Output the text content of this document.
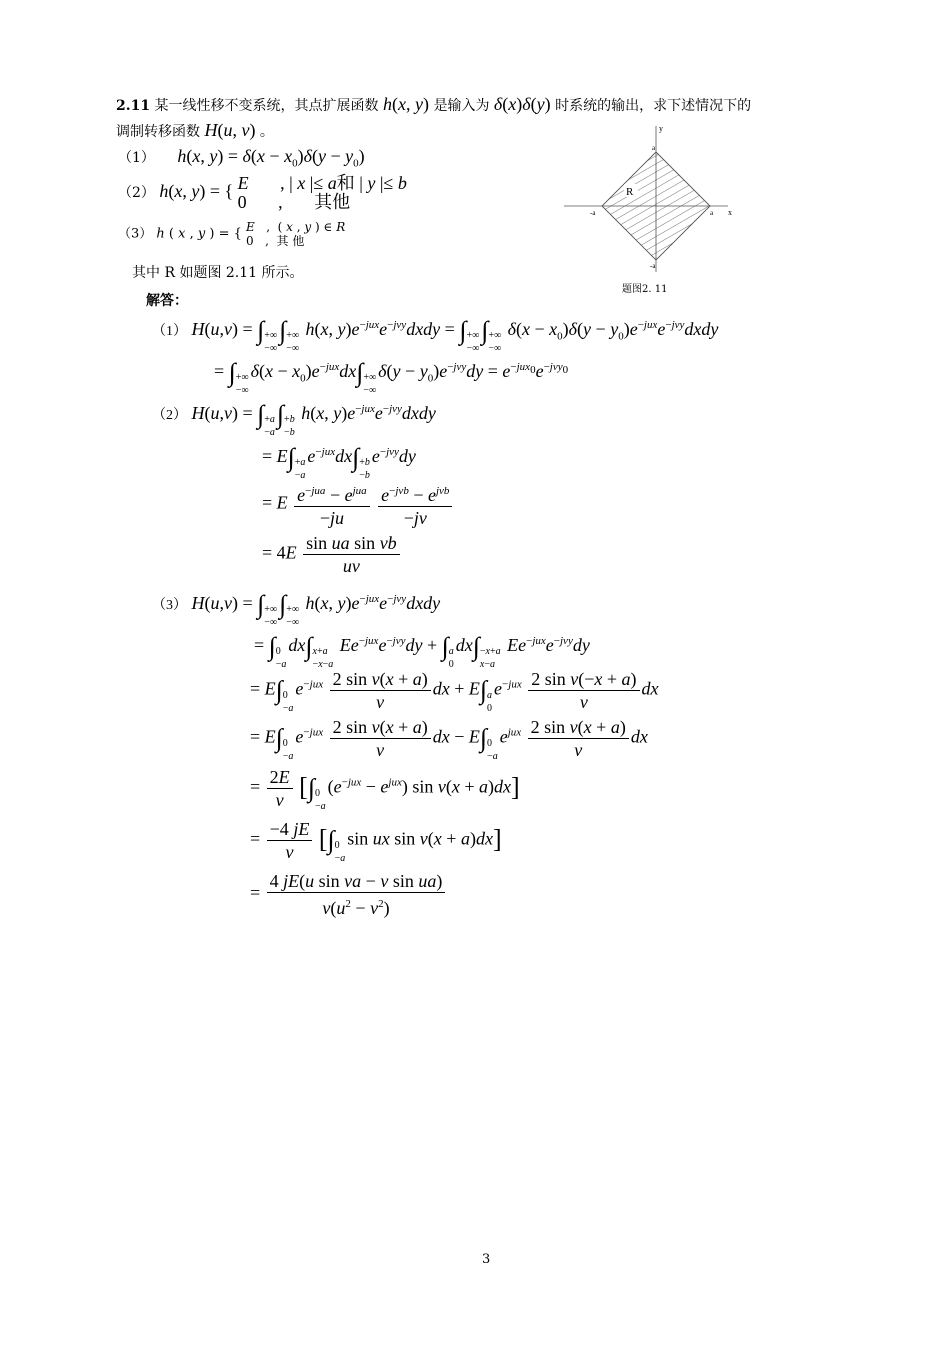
2.11 某一线性移不变系统，其点扩展函数 h(x, y) 是输入为 δ(x)δ(y) 时系统的输出，求下述情况下的
调制转移函数 H(u, v) 。
（1） h(x, $y) = \delta(x - x_0)\delta(y - y_0)$
（2） h(x, y) = { E       , | x |≤ a和 | y |≤ b
0       ,       其他
（3） h ( x , y ) = { E   ,  ( x , y ) ∈ R
0   ,  其 他
其中 R 如题图 2.11 所示。
解答：
x
y
a
-a
-a	a
R
题图2. 11
（1） H(u,v) = ∫ +∞
−∞
∫ +∞
−∞
h(x, $y)e^{-jux}e^{-jvy}dxdy$ = ∫ +∞
−∞
∫ +∞
−∞
$\delta(x - x_0)\delta(y$ − $y_0)e^{-jux}e^{-jvy}dxdy$
= ∫ +∞
−∞
$\delta(x - x_0)e^{-jux}dx\int$ +∞
−∞
$\delta(y - y_0)e^{-jvy}dy = e^{-jux_0}e^{-jvy_0}$
（2） H(u,v) = ∫ +a
−a
∫ +b
−b
h(x, $y)e^{-jux}e^{-jvy}dxdy$
= E∫ +a
−a
$e^{-jux}dx\int +b$
−b
$e^{-jvy}dy$
= E $\frac{e^{-jua} - e^{jua}}{-ju}$
$\frac{e^{-jvb} - e^{jvb}}{-jv}$
= $4E \frac{\text{sin ua sin vb}}{uv}$
（3） H(u,v) = ∫ +∞
−∞
∫ +∞
−∞
h(x, $y)e^{-jux}e^{-jvy}dxdy$
= ∫ 0
−a
dx∫ x+a
−x−a
$Ee^{-jux}e^{-jvy}dy$ + ∫ a
0
dx∫ −x+a
x−a
$Ee^{-jux}e^{-jvy}dy$
= E∫ 0
−a
$e^{-jux} \frac{\text{2 sin v(x + a)}}{v}$ dx + E∫ a
0
$e^{-jux} \frac{\text{2 sin v(−x + a)}}{v}$ dx
= E∫ 0
−a
$e^{-jux} \frac{\text{2 sin v(x + a)}}{v}$ dx − E∫ 0
−a
$e^{jux} \frac{\text{2 sin v(x + a)}}{v}$ dx
= $\frac{2E}{v}$ [∫ 0
−a
$(e^{-jux} - e^{jux})$ sin v(x + a)dx]
= $\frac{-4 jE}{v}$ [∫ 0
−a
sin ux sin v(x + a)dx]
= $\frac{\text{4 jE(u sin va − v sin ua)}}{v(u^2 - v^2)}$
3
